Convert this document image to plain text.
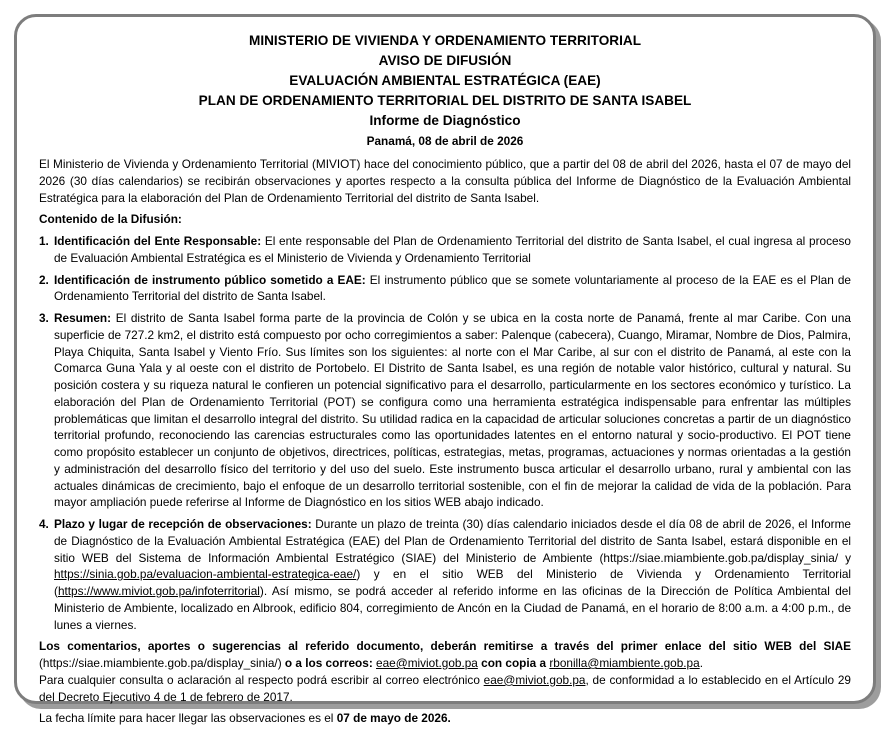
MINISTERIO DE VIVIENDA Y ORDENAMIENTO TERRITORIAL
AVISO DE DIFUSIÓN
EVALUACIÓN AMBIENTAL ESTRATÉGICA (EAE)
PLAN DE ORDENAMIENTO TERRITORIAL DEL DISTRITO DE SANTA ISABEL
Informe de Diagnóstico
Panamá, 08 de abril de 2026

El Ministerio de Vivienda y Ordenamiento Territorial (MIVIOT) hace del conocimiento público, que a partir del 08 de abril del 2026, hasta el 07 de mayo del 2026 (30 días calendarios) se recibirán observaciones y aportes respecto a la consulta pública del Informe de Diagnóstico de la Evaluación Ambiental Estratégica para la elaboración del Plan de Ordenamiento Territorial del distrito de Santa Isabel.

Contenido de la Difusión:

1. Identificación del Ente Responsable: El ente responsable del Plan de Ordenamiento Territorial del distrito de Santa Isabel, el cual ingresa al proceso de Evaluación Ambiental Estratégica es el Ministerio de Vivienda y Ordenamiento Territorial
2. Identificación de instrumento público sometido a EAE: El instrumento público que se somete voluntariamente al proceso de la EAE es el Plan de Ordenamiento Territorial del distrito de Santa Isabel.
3. Resumen: El distrito de Santa Isabel forma parte de la provincia de Colón y se ubica en la costa norte de Panamá, frente al mar Caribe. Con una superficie de 727.2 km2, el distrito está compuesto por ocho corregimientos a saber: Palenque (cabecera), Cuango, Miramar, Nombre de Dios, Palmira, Playa Chiquita, Santa Isabel y Viento Frío. Sus límites son los siguientes: al norte con el Mar Caribe, al sur con el distrito de Panamá, al este con la Comarca Guna Yala y al oeste con el distrito de Portobelo. El Distrito de Santa Isabel, es una región de notable valor histórico, cultural y natural. Su posición costera y su riqueza natural le confieren un potencial significativo para el desarrollo, particularmente en los sectores económico y turístico. La elaboración del Plan de Ordenamiento Territorial (POT) se configura como una herramienta estratégica indispensable para enfrentar las múltiples problemáticas que limitan el desarrollo integral del distrito. Su utilidad radica en la capacidad de articular soluciones concretas a partir de un diagnóstico territorial profundo, reconociendo las carencias estructurales como las oportunidades latentes en el entorno natural y socio-productivo. El POT tiene como propósito establecer un conjunto de objetivos, directrices, políticas, estrategias, metas, programas, actuaciones y normas orientadas a la gestión y administración del desarrollo físico del territorio y del uso del suelo. Este instrumento busca articular el desarrollo urbano, rural y ambiental con las actuales dinámicas de crecimiento, bajo el enfoque de un desarrollo territorial sostenible, con el fin de mejorar la calidad de vida de la población. Para mayor ampliación puede referirse al Informe de Diagnóstico en los sitios WEB abajo indicado.
4. Plazo y lugar de recepción de observaciones: Durante un plazo de treinta (30) días calendario iniciados desde el día 08 de abril de 2026, el Informe de Diagnóstico de la Evaluación Ambiental Estratégica (EAE) del Plan de Ordenamiento Territorial del distrito de Santa Isabel, estará disponible en el sitio WEB del Sistema de Información Ambiental Estratégico (SIAE) del Ministerio de Ambiente (https://siae.miambiente.gob.pa/display_sinia/ y https://sinia.gob.pa/evaluacion-ambiental-estrategica-eae/) y en el sitio WEB del Ministerio de Vivienda y Ordenamiento Territorial (https://www.miviot.gob.pa/infoterritorial). Así mismo, se podrá acceder al referido informe en las oficinas de la Dirección de Política Ambiental del Ministerio de Ambiente, localizado en Albrook, edificio 804, corregimiento de Ancón en la Ciudad de Panamá, en el horario de 8:00 a.m. a 4:00 p.m., de lunes a viernes.

Los comentarios, aportes o sugerencias al referido documento, deberán remitirse a través del primer enlace del sitio WEB del SIAE (https://siae.miambiente.gob.pa/display_sinia/) o a los correos: eae@miviot.gob.pa con copia a rbonilla@miambiente.gob.pa.
Para cualquier consulta o aclaración al respecto podrá escribir al correo electrónico eae@miviot.gob.pa, de conformidad a lo establecido en el Artículo 29 del Decreto Ejecutivo 4 de 1 de febrero de 2017.

La fecha límite para hacer llegar las observaciones es el 07 de mayo de 2026.
